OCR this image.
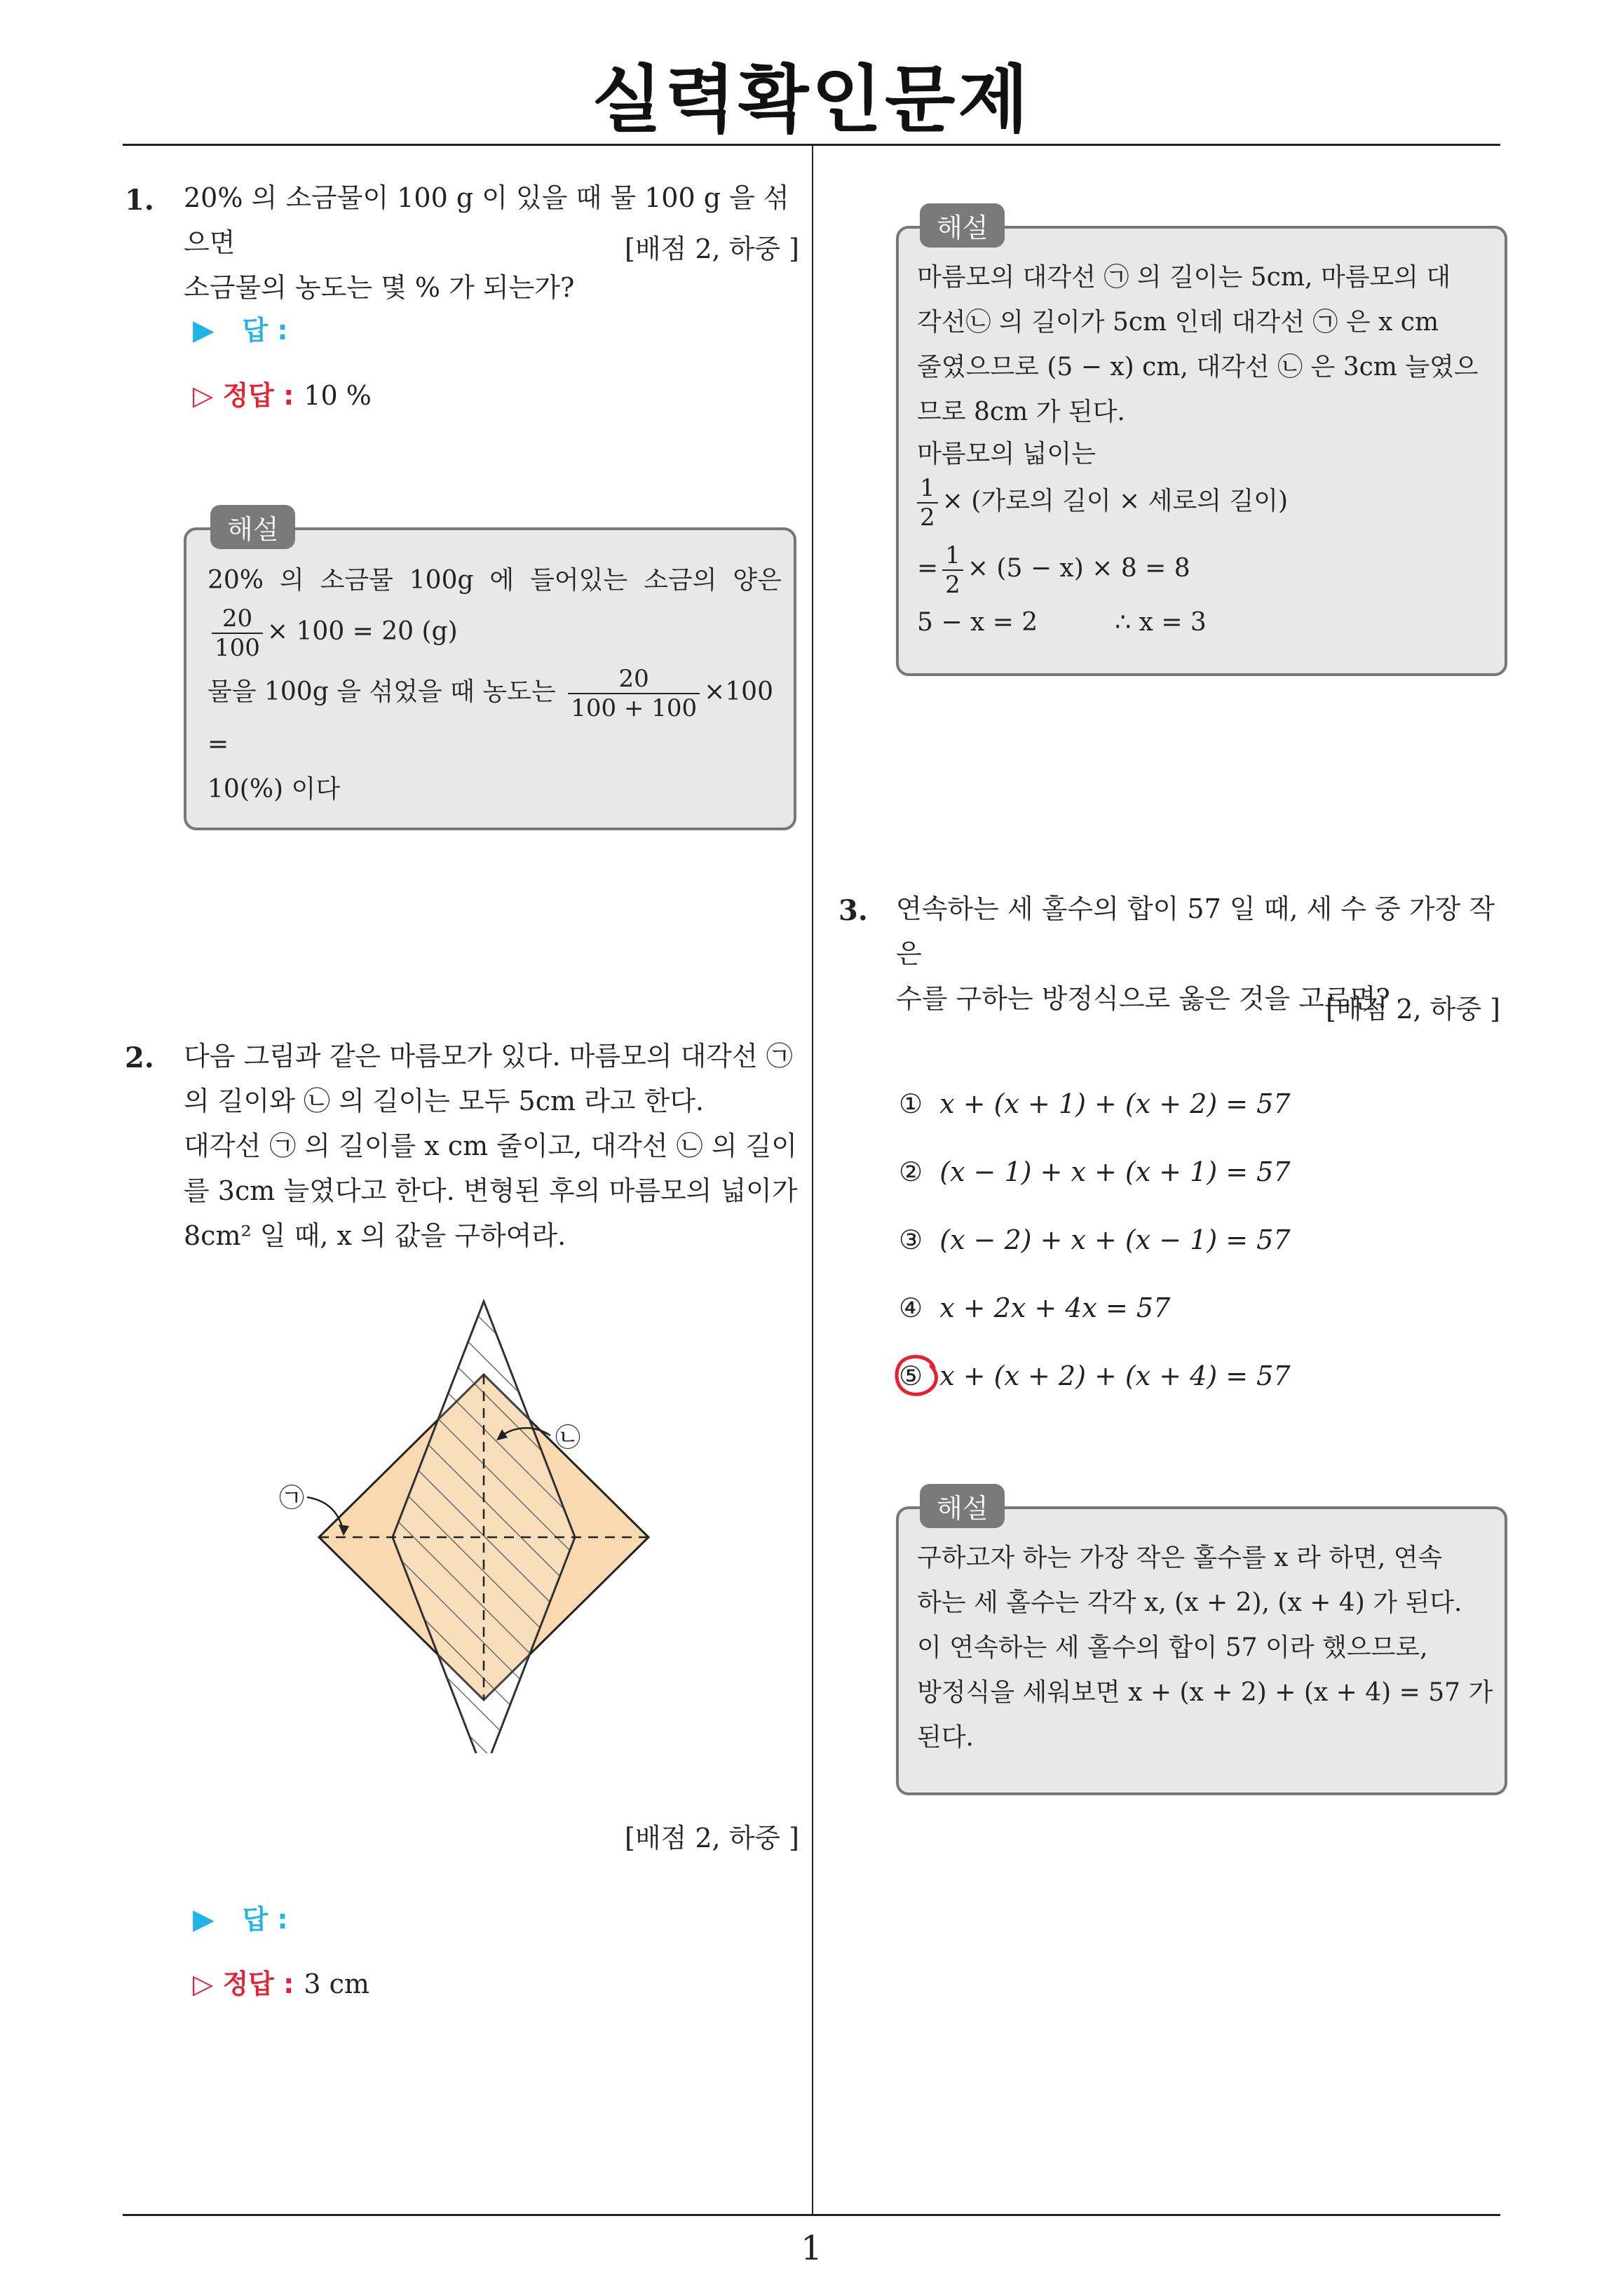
실력확인문제
1. 20% 의 소금물이 100 g 이 있을 때 물 100 g 을 섞으면
소금물의 농도는 몇 % 가 되는가?
[배점 2, 하중 ]
▶ 답 :
▷ 정답 : 10 %
해설
20%  의  소금물  100g  에  들어있는  소금의  양은
$\frac{20}{100} \times 100 = 20$ (g)
물을 100g 을 섞었을 때 농도는 $\frac{20}{100 + 100} \times 100$ =
10(%) 이다
해설
마름모의 대각선 ㉠ 의 길이는 5cm, 마름모의 대
각선㉡ 의 길이가 5cm 인데 대각선 ㉠ 은 x cm
줄였으므로 (5 − x) cm, 대각선 ㉡ 은 3cm 늘였으
므로 8cm 가 된다.
마름모의 넓이는
$\frac{1}{2}$ × (가로의 길이 × 세로의 길이)
= $\frac{1}{2} \times (5 - x) \times 8 = 8$
5 − x = 2	∴ x = 3
2. 다음 그림과 같은 마름모가 있다. 마름모의 대각선 ㉠
의 길이와 ㉡ 의 길이는 모두 5cm 라고 한다.
대각선 ㉠ 의 길이를 x cm 줄이고, 대각선 ㉡ 의 길이
를 3cm 늘였다고 한다. 변형된 후의 마름모의 넓이가
8cm² 일 때, x 의 값을 구하여라.
㉠
㉡
[배점 2, 하중 ]
▶ 답 :
▷ 정답 : 3 cm
3. 연속하는 세 홀수의 합이 57 일 때, 세 수 중 가장 작은
수를 구하는 방정식으로 옳은 것을 고르면?
[배점 2, 하중 ]
① x + (x + 1) + (x + 2) = 57
② (x − 1) + x + (x + 1) = 57
③ (x − 2) + x + (x − 1) = 57
④ x + 2x + 4x = 57
⑤ x + (x + 2) + (x + 4) = 57
해설
구하고자 하는 가장 작은 홀수를 x 라 하면, 연속
하는 세 홀수는 각각 x, (x + 2), (x + 4) 가 된다.
이 연속하는 세 홀수의 합이 57 이라 했으므로,
방정식을 세워보면 x + (x + 2) + (x + 4) = 57 가
된다.
1
